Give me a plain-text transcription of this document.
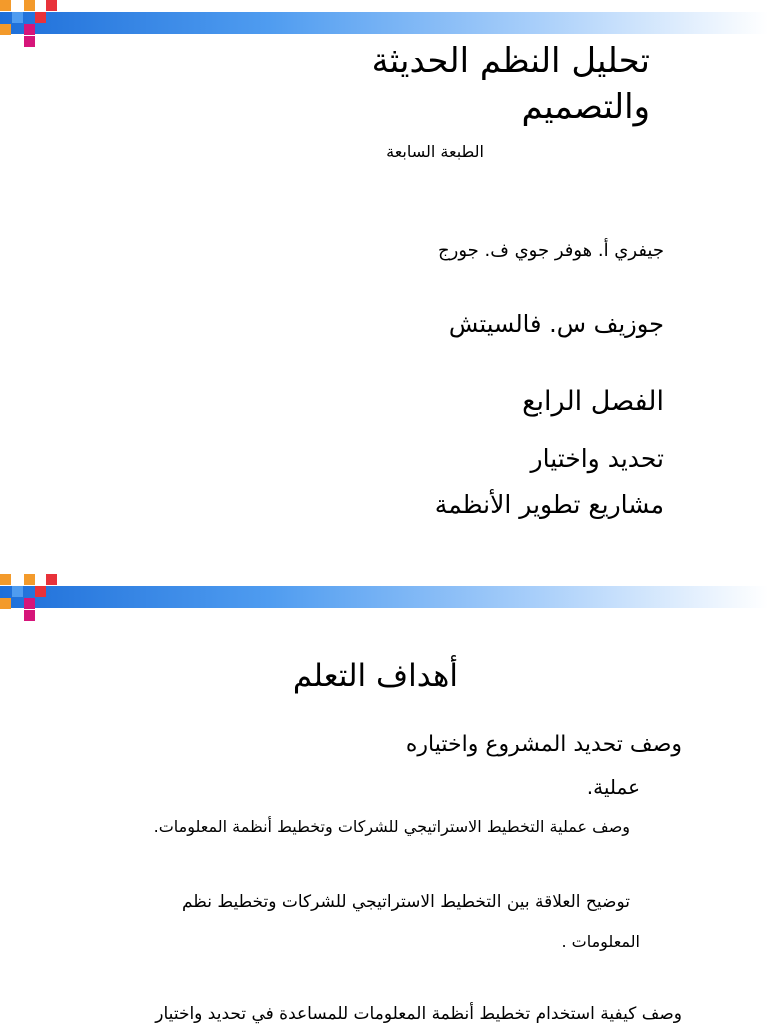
تحليل النظم الحديثة والتصميم
الطبعة السابعة
جيفري أ. هوفر جوي ف. جورج
جوزيف س. فالسيتش
الفصل الرابع
تحديد واختيار
مشاريع تطوير الأنظمة
أهداف التعلم
وصف تحديد المشروع واختياره
عملية.
وصف عملية التخطيط الاستراتيجي للشركات وتخطيط أنظمة المعلومات.
توضيح العلاقة بين التخطيط الاستراتيجي للشركات وتخطيط نظم
المعلومات .
وصف كيفية استخدام تخطيط أنظمة المعلومات للمساعدة في تحديد واختيار
